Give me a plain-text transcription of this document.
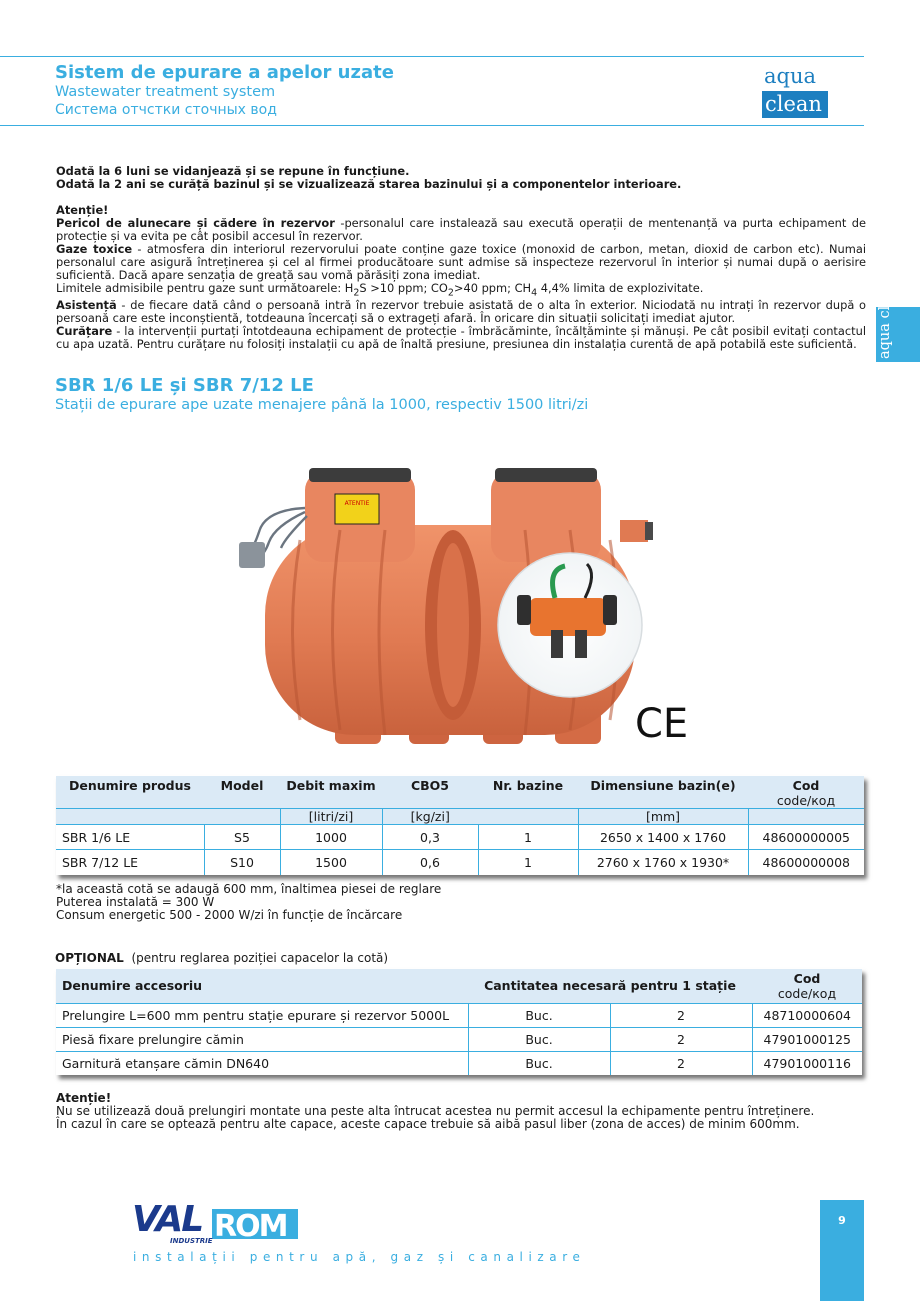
Sistem de epurare a apelor uzate
Wastewater treatment system
Система отчстки сточных вод
aqua
clean
aqua clean

Odată la 6 luni se vidanjează și se repune în funcțiune.

Odată la 2 ani se curăță bazinul și se vizualizează starea bazinului și a componentelor interioare.

Atenție!

Pericol de alunecare și cădere în rezervor -personalul care instalează sau execută operații de mentenanță va purta echipament de protecție și va evita pe cât posibil accesul în rezervor.

Gaze toxice - atmosfera din interiorul rezervorului poate conține gaze toxice (monoxid de carbon, metan, dioxid de carbon etc). Numai personalul care asigură întreținerea și cel al firmei producătoare sunt admise să inspecteze rezervorul în interior și numai după o aerisire suficientă. Dacă apare senzația de greață sau vomă părăsiți zona imediat.

Limitele admisibile pentru gaze sunt următoarele: $H_2S >10$ ppm; $CO_2>40$ ppm; $CH_4$ 4,4% limita de explozivitate.

Asistență - de fiecare dată când o persoană intră în rezervor trebuie asistată de o alta în exterior. Niciodată nu intrați în rezervor după o persoană care este inconștientă, totdeauna încercați să o extrageți afară. În oricare din situații solicitați imediat ajutor.

Curățare - la intervenții purtați întotdeauna echipament de protecție - îmbrăcăminte, încălțăminte și mănuși. Pe cât posibil evitați contactul cu apa uzată. Pentru curățare nu folosiți instalații cu apă de înaltă presiune, presiunea din instalația curentă de apă potabilă este suficientă.

SBR 1/6 LE și SBR 7/12 LE
Stații de epurare ape uzate menajere până la 1000, respectiv 1500 litri/zi
ATENTIE
CE
Denumire produs	Model	Debit maxim	CBO5	Nr. bazine	Dimensiune bazin(e)	Cod
code/код

		[litri/zi]	[kg/zi]		[mm]	
SBR 1/6 LE	S5	1000	0,3	1	2650 x 1400 x 1760	48600000005
SBR 7/12 LE	S10	1500	0,6	1	2760 x 1760 x 1930*	48600000008
*la această cotă se adaugă 600 mm, înaltimea piesei de reglare
Puterea instalată = 300 W
Consum energetic 500 - 2000 W/zi în funcție de încărcare
OPȚIONAL (pentru reglarea poziției capacelor la cotă)
Denumire accesoriu	Cantitatea necesară pentru 1 stație		Cod
code/код

Prelungire L=600 mm pentru stație epurare și rezervor 5000L	Buc.	2	48710000604
Piesă fixare prelungire cămin	Buc.	2	47901000125
Garnitură etanșare cămin DN640	Buc.	2	47901000116
Atenție!
Nu se utilizează două prelungiri montate una peste alta întrucat acestea nu permit accesul la echipamente pentru întreținere.
În cazul în care se optează pentru alte capace, aceste capace trebuie să aibă pasul liber (zona de acces) de minim 600mm.
VAL ROM
INDUSTRIE
instalații pentru apă, gaz și canalizare
9
